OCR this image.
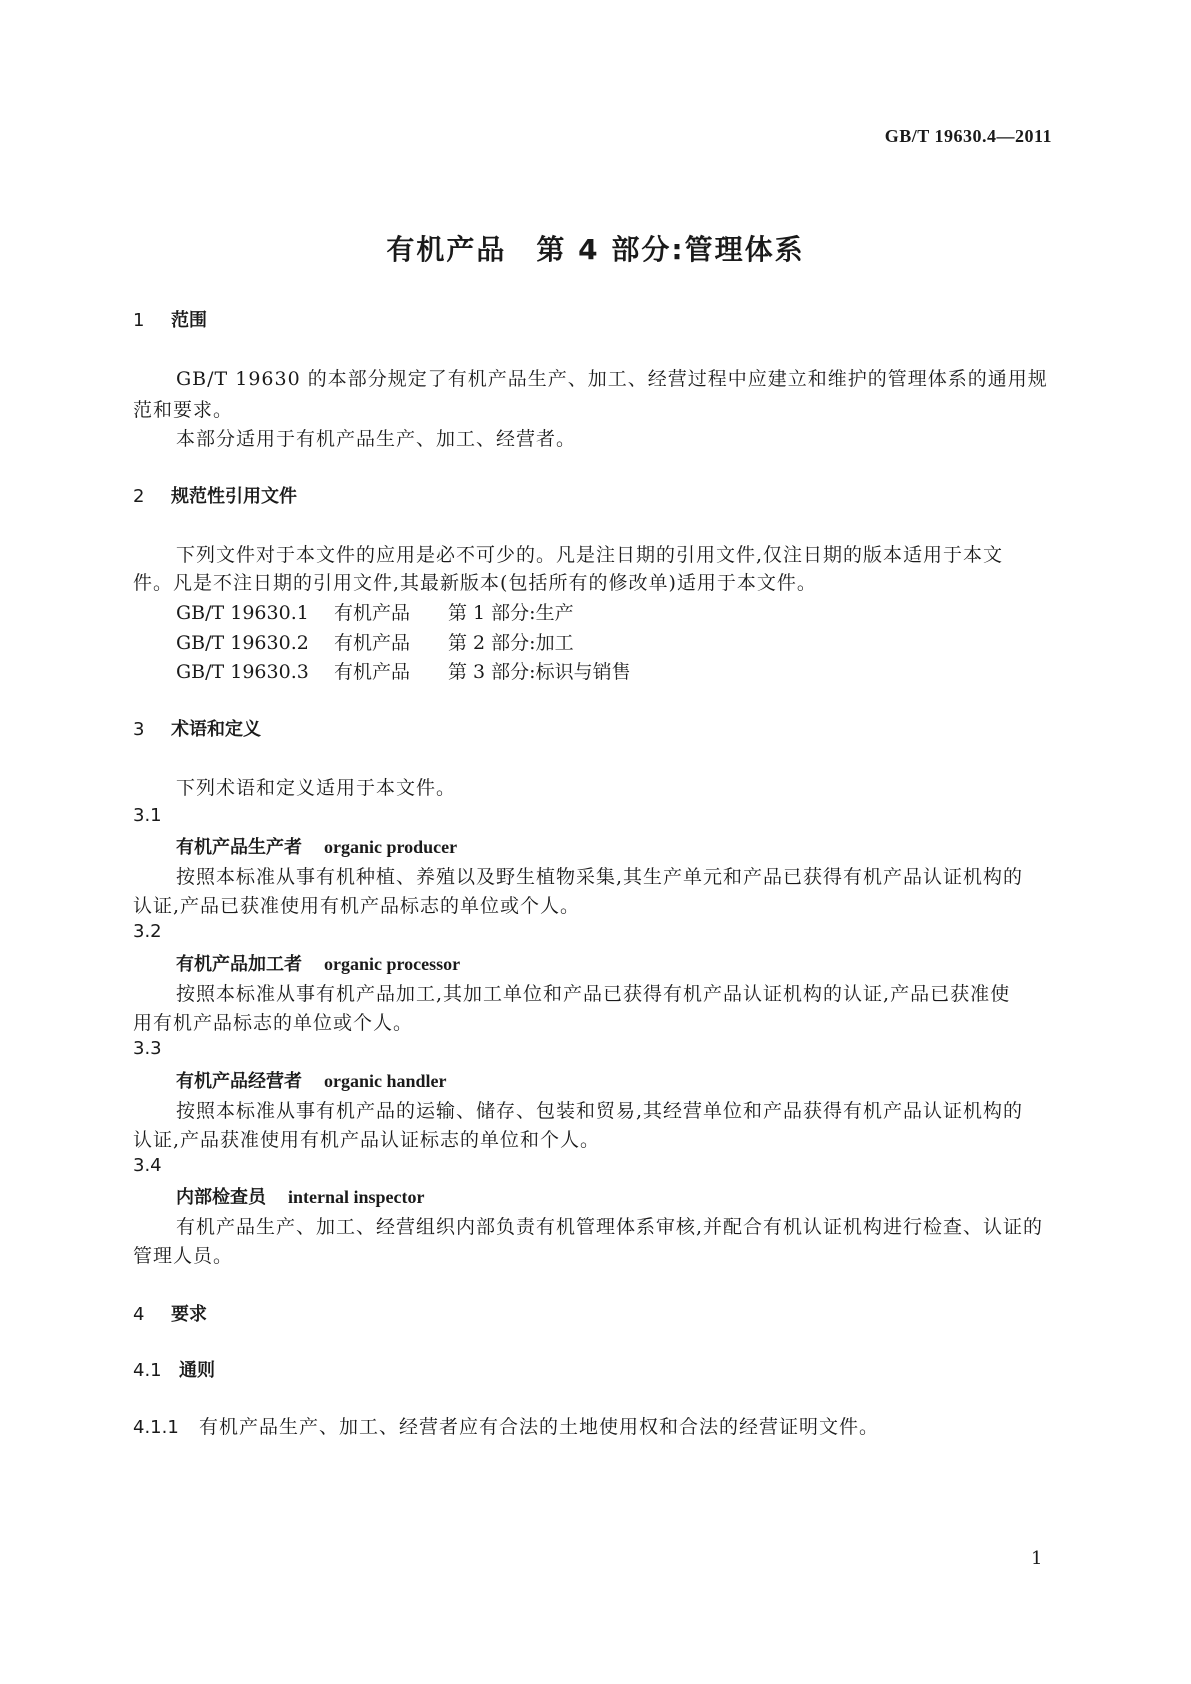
GB/T 19630.4—2011
有机产品　第 4 部分:管理体系
1 范围
GB/T 19630 的本部分规定了有机产品生产、加工、经营过程中应建立和维护的管理体系的通用规
范和要求。
本部分适用于有机产品生产、加工、经营者。
2 规范性引用文件
下列文件对于本文件的应用是必不可少的。凡是注日期的引用文件,仅注日期的版本适用于本文
件。凡是不注日期的引用文件,其最新版本(包括所有的修改单)适用于本文件。
GB/T 19630.1 有机产品 第 1 部分:生产
GB/T 19630.2 有机产品 第 2 部分:加工
GB/T 19630.3 有机产品 第 3 部分:标识与销售
3 术语和定义
下列术语和定义适用于本文件。
3.1
有机产品生产者 organic producer
按照本标准从事有机种植、养殖以及野生植物采集,其生产单元和产品已获得有机产品认证机构的
认证,产品已获准使用有机产品标志的单位或个人。
3.2
有机产品加工者 organic processor
按照本标准从事有机产品加工,其加工单位和产品已获得有机产品认证机构的认证,产品已获准使
用有机产品标志的单位或个人。
3.3
有机产品经营者 organic handler
按照本标准从事有机产品的运输、储存、包装和贸易,其经营单位和产品获得有机产品认证机构的
认证,产品获准使用有机产品认证标志的单位和个人。
3.4
内部检查员 internal inspector
有机产品生产、加工、经营组织内部负责有机管理体系审核,并配合有机认证机构进行检查、认证的
管理人员。
4 要求
4.1 通则
4.1.1 有机产品生产、加工、经营者应有合法的土地使用权和合法的经营证明文件。
1
